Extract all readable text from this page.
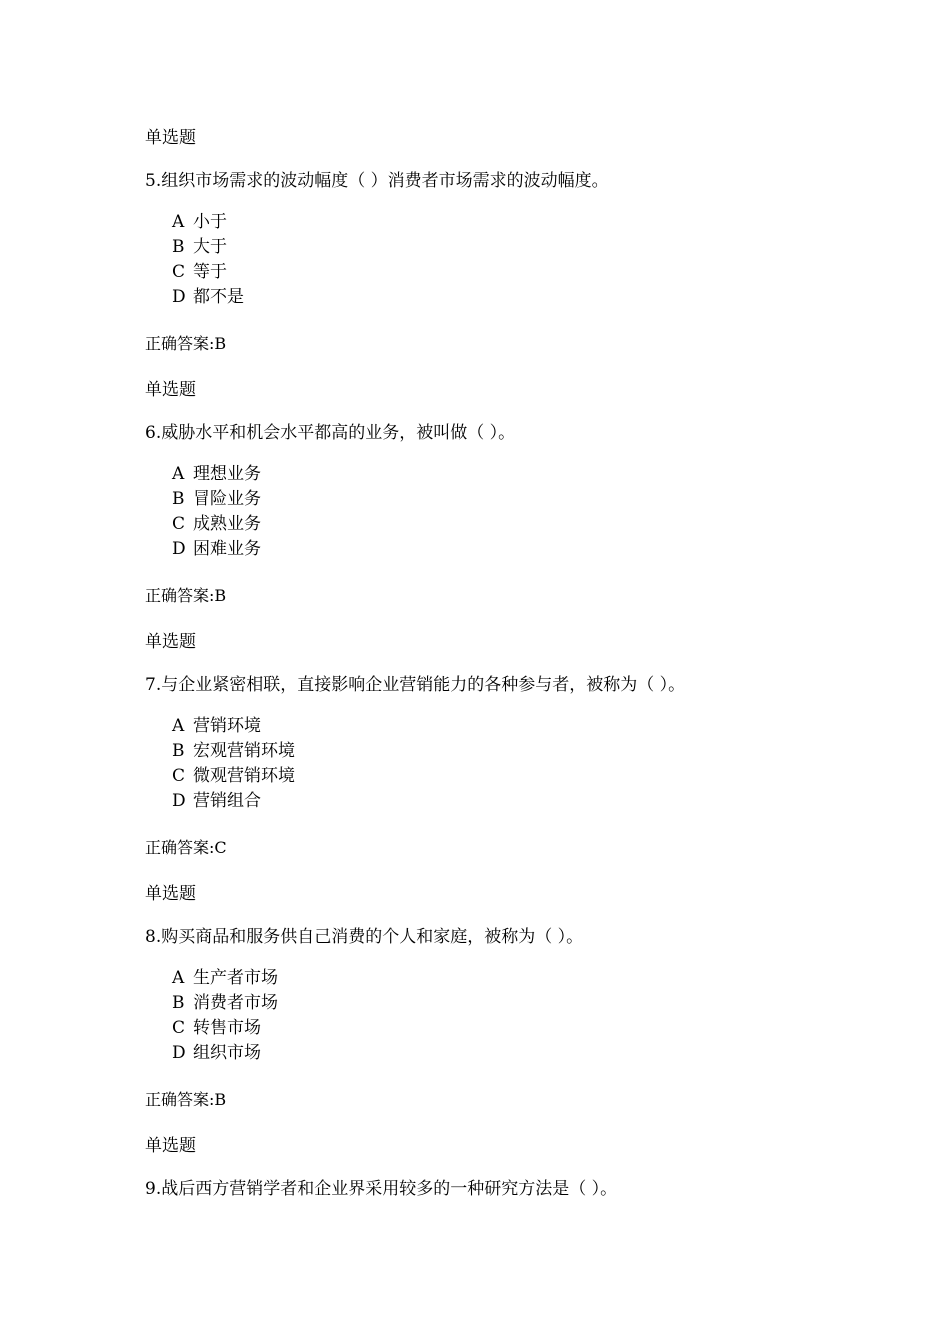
单选题
5.组织市场需求的波动幅度（ ）消费者市场需求的波动幅度。
A 小于
B 大于
C 等于
D 都不是
正确答案:B
单选题
6.威胁水平和机会水平都高的业务，被叫做（ ）。
A 理想业务
B 冒险业务
C 成熟业务
D 困难业务
正确答案:B
单选题
7.与企业紧密相联，直接影响企业营销能力的各种参与者，被称为（ ）。
A 营销环境
B 宏观营销环境
C 微观营销环境
D 营销组合
正确答案:C
单选题
8.购买商品和服务供自己消费的个人和家庭，被称为（ ）。
A 生产者市场
B 消费者市场
C 转售市场
D 组织市场
正确答案:B
单选题
9.战后西方营销学者和企业界采用较多的一种研究方法是（ ）。
